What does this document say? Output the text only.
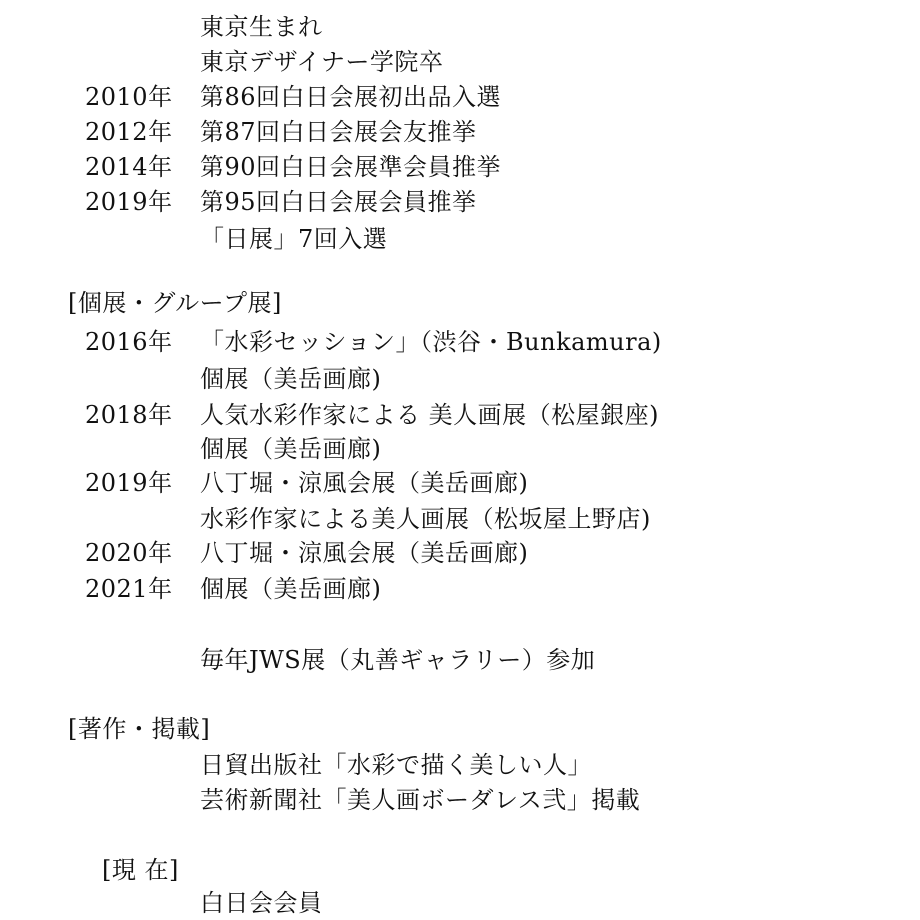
東京生まれ
東京デザイナー学院卒
2010年 第86回白日会展初出品入選
2012年 第87回白日会展会友推挙
2014年 第90回白日会展準会員推挙
2019年 第95回白日会展会員推挙
「日展」7回入選
[個展・グループ展]
2016年 「水彩セッション」（渋谷・Bunkamura)
個展（美岳画廊)
2018年 人気水彩作家による 美人画展（松屋銀座)
個展（美岳画廊)
2019年 八丁堀・涼風会展（美岳画廊)
水彩作家による美人画展（松坂屋上野店)
2020年 八丁堀・涼風会展（美岳画廊)
2021年 個展（美岳画廊)
毎年JWS展（丸善ギャラリー）参加
[著作・掲載]
日貿出版社「水彩で描く美しい人」
芸術新聞社「美人画ボーダレス弐」掲載
[現 在]
白日会会員
